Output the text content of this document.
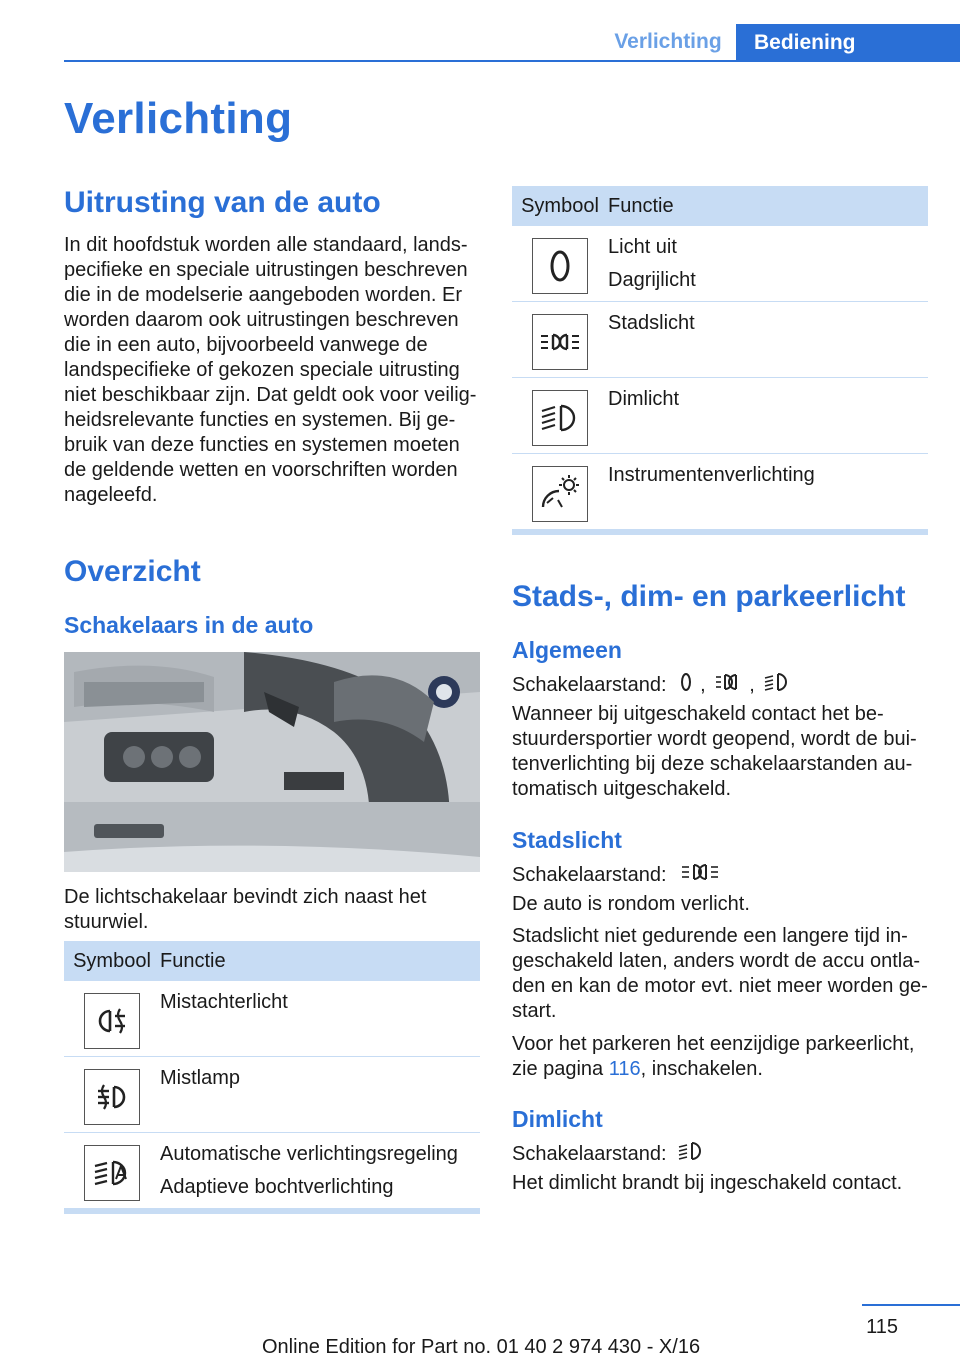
Verlichting	Bediening
Verlichting
Uitrusting van de auto
In dit hoofdstuk worden alle standaard, lands-
pecifieke en speciale uitrustingen beschreven
die in de modelserie aangeboden worden. Er
worden daarom ook uitrustingen beschreven
die in een auto, bijvoorbeeld vanwege de
landspecifieke of gekozen speciale uitrusting
niet beschikbaar zijn. Dat geldt ook voor veilig-
heidsrelevante functies en systemen. Bij ge-
bruik van deze functies en systemen moeten
de geldende wetten en voorschriften worden
nageleefd.
Overzicht
Schakelaars in de auto
De lichtschakelaar bevindt zich naast het
stuurwiel.
Symbool Functie
Mistachterlicht
Mistlamp
Automatische verlichtingsregeling
Adaptieve bochtverlichting
Symbool Functie
Licht uit
Dagrijlicht
Stadslicht
Dimlicht
Instrumentenverlichting
Stads-, dim- en parkeerlicht
Algemeen
Schakelaarstand: , ,
Wanneer bij uitgeschakeld contact het be-
stuurdersportier wordt geopend, wordt de bui-
tenverlichting bij deze schakelaarstanden au-
tomatisch uitgeschakeld.
Stadslicht
Schakelaarstand:
De auto is rondom verlicht.
Stadslicht niet gedurende een langere tijd in-
geschakeld laten, anders wordt de accu ontla-
den en kan de motor evt. niet meer worden ge-
start.
Voor het parkeren het eenzijdige parkeerlicht,
zie pagina 116, inschakelen.
Dimlicht
Schakelaarstand:
Het dimlicht brandt bij ingeschakeld contact.
115
Online Edition for Part no. 01 40 2 974 430 - X/16
